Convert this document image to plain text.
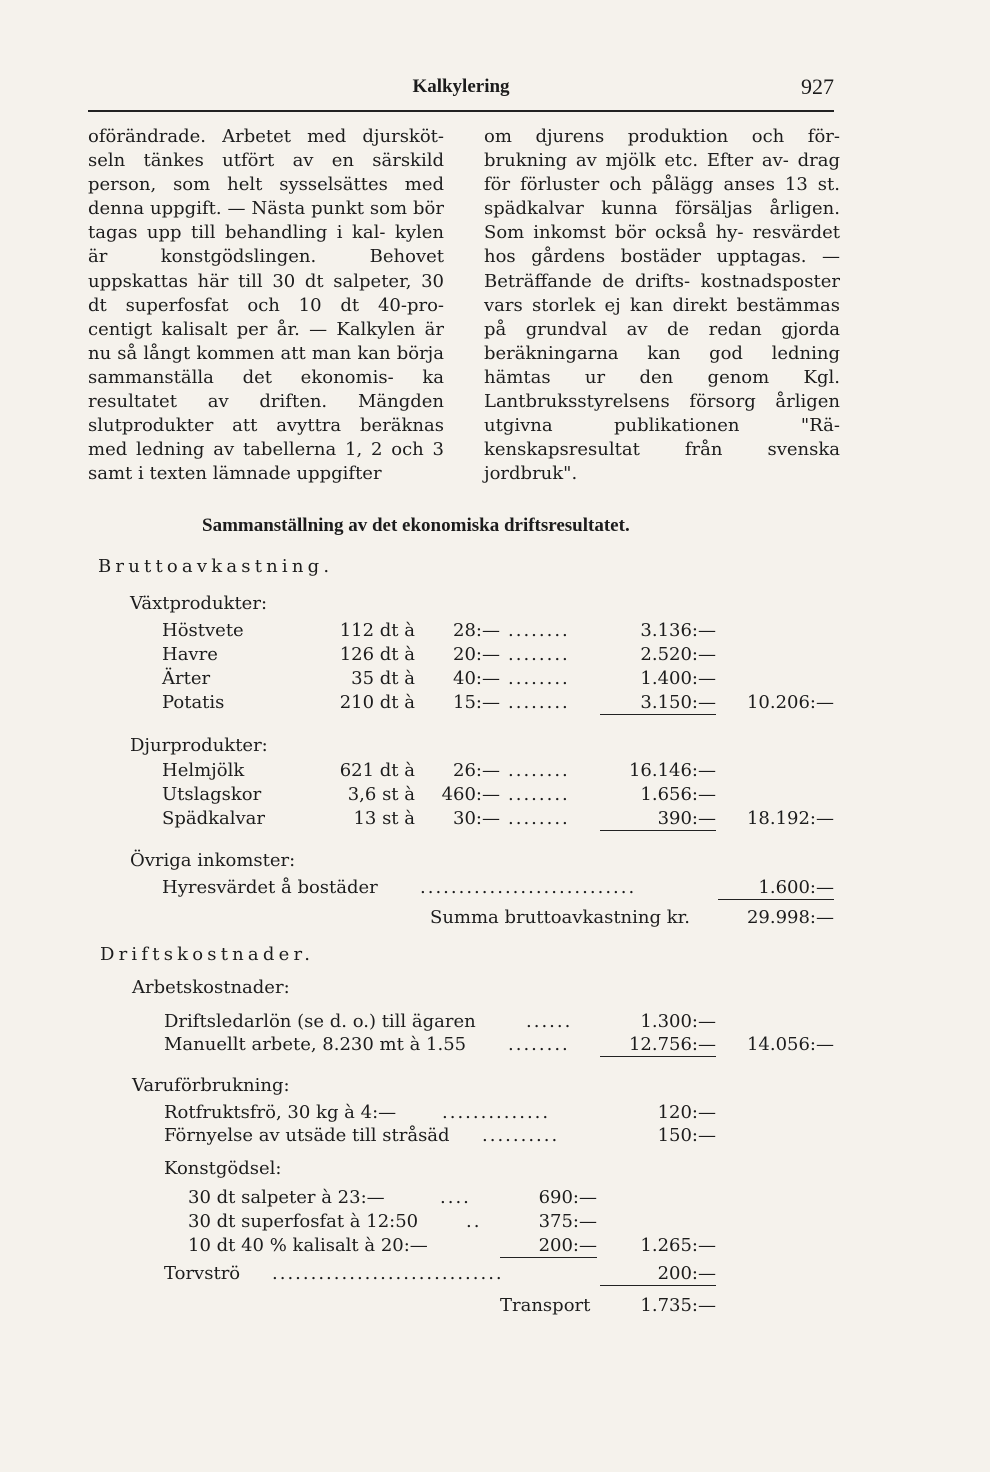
Kalkylering	927

oförändrade. Arbetet med djursköt- seln tänkes utfört av en särskild person, som helt sysselsättes med denna uppgift. — Nästa punkt som bör tagas upp till behandling i kal- kylen är konstgödslingen. Behovet uppskattas här till 30 dt salpeter, 30 dt superfosfat och 10 dt 40-pro- centigt kalisalt per år. — Kalkylen är nu så långt kommen att man kan börja sammanställa det ekonomis- ka resultatet av driften. Mängden slutprodukter att avyttra beräknas med ledning av tabellerna 1, 2 och 3 samt i texten lämnade uppgifter

om djurens produktion och för- brukning av mjölk etc. Efter av- drag för förluster och pålägg anses 13 st. spädkalvar kunna försäljas årligen. Som inkomst bör också hy- resvärdet hos gårdens bostäder upptagas. — Beträffande de drifts- kostnadsposter vars storlek ej kan direkt bestämmas på grundval av de redan gjorda beräkningarna kan god ledning hämtas ur den genom Kgl. Lantbruksstyrelsens försorg årligen utgivna publikationen "Rä- kenskapsresultat från svenska jordbruk".

Sammanställning av det ekonomiska driftsresultatet.
Bruttoavkastning.
Växtprodukter:
Höstvete	112 dt à	28:— ........	3.136:—
Havre	126 dt à	20:— ........	2.520:—
Ärter	35 dt à	40:— ........	1.400:—
Potatis	210 dt à	15:— ........	3.150:—	10.206:—
Djurprodukter:
Helmjölk	621 dt à	26:— ........	16.146:—
Utslagskor	3,6 st à	460:— ........	1.656:—
Spädkalvar	13 st à	30:— ........	390:—	18.192:—
Övriga inkomster:
Hyresvärdet å bostäder ............................	1.600:—
Summa bruttoavkastning kr.	29.998:—
Driftskostnader.
Arbetskostnader:
Driftsledarlön (se d. o.) till ägaren	......	1.300:—
Manuellt arbete, 8.230 mt à 1.55 ........	12.756:—	14.056:—
Varuförbrukning:
Rotfruktsfrö, 30 kg à 4:—	..............	120:—
Förnyelse av utsäde till stråsäd ..........	150:—
Konstgödsel:
30 dt salpeter à 23:—	....	690:—
30 dt superfosfat à 12:50	..	375:—
10 dt 40 % kalisalt à 20:—	200:—	1.265:—
Torvströ ..............................	200:—
Transport	1.735:—
